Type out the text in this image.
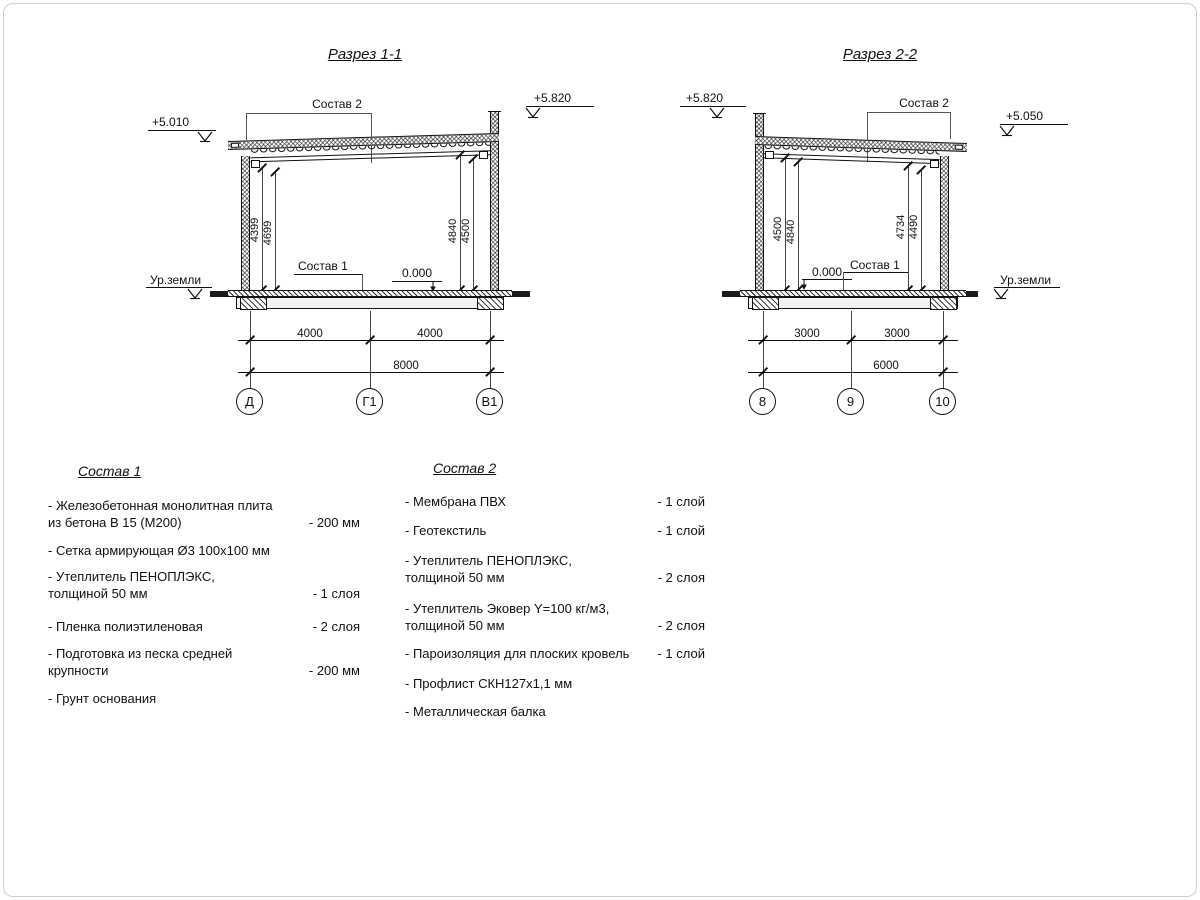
Разрез 1-1
+5.010
+5.820
Состав 2
4399 4699	4840 4500
Состав 1	0.000
Ур.земли
4000	4000
8000
Д	Г1	В1
Разрез 2-2
+5.820
+5.050
Состав 2
4500 4840	4734 4490
0.000 Состав 1
Ур.земли
3000	3000
6000
8	9	10
Состав 1
- Железобетонная монолитная плита
из бетона В 15 (М200)	- 200 мм
- Сетка армирующая Ø3 100х100 мм
- Утеплитель ПЕНОПЛЭКС,
толщиной 50 мм	- 1 слоя
- Пленка полиэтиленовая	- 2 слоя
- Подготовка из песка средней
крупности	- 200 мм
- Грунт основания
Состав 2
- Мембрана ПВХ	- 1 слой
- Геотекстиль	- 1 слой
- Утеплитель ПЕНОПЛЭКС,
толщиной 50 мм	- 2 слоя
- Утеплитель Эковер Y=100 кг/м3,
толщиной 50 мм	- 2 слоя
- Пароизоляция для плоских кровель - 1 слой
- Профлист СКН127х1,1 мм
- Металлическая балка
